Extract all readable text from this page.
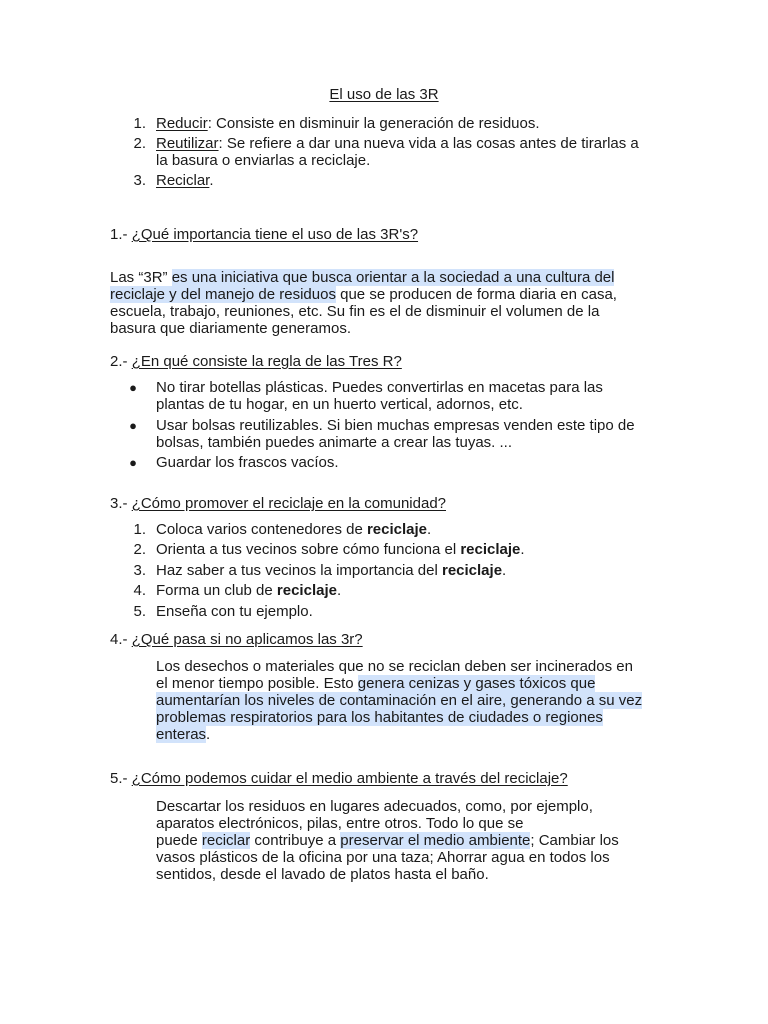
El uso de las 3R
1. Reducir: Consiste en disminuir la generación de residuos.
2. Reutilizar: Se refiere a dar una nueva vida a las cosas antes de tirarlas a
la basura o enviarlas a reciclaje.
3. Reciclar.
1.- ¿Qué importancia tiene el uso de las 3R's?
Las “3R” es una iniciativa que busca orientar a la sociedad a una cultura del
reciclaje y del manejo de residuos que se producen de forma diaria en casa,
escuela, trabajo, reuniones, etc. Su fin es el de disminuir el volumen de la
basura que diariamente generamos.
2.- ¿En qué consiste la regla de las Tres R?
●	No tirar botellas plásticas. Puedes convertirlas en macetas para las
plantas de tu hogar, en un huerto vertical, adornos, etc.
●	Usar bolsas reutilizables. Si bien muchas empresas venden este tipo de
bolsas, también puedes animarte a crear las tuyas. ...
●	Guardar los frascos vacíos.
3.- ¿Cómo promover el reciclaje en la comunidad?
1. Coloca varios contenedores de reciclaje.
2. Orienta a tus vecinos sobre cómo funciona el reciclaje.
3. Haz saber a tus vecinos la importancia del reciclaje.
4. Forma un club de reciclaje.
5. Enseña con tu ejemplo.
4.- ¿Qué pasa si no aplicamos las 3r?
Los desechos o materiales que no se reciclan deben ser incinerados en
el menor tiempo posible. Esto genera cenizas y gases tóxicos que
aumentarían los niveles de contaminación en el aire, generando a su vez
problemas respiratorios para los habitantes de ciudades o regiones
enteras.
5.- ¿Cómo podemos cuidar el medio ambiente a través del reciclaje?
Descartar los residuos en lugares adecuados, como, por ejemplo,
aparatos electrónicos, pilas, entre otros. Todo lo que se
puede reciclar contribuye a preservar el medio ambiente; Cambiar los
vasos plásticos de la oficina por una taza; Ahorrar agua en todos los
sentidos, desde el lavado de platos hasta el baño.
